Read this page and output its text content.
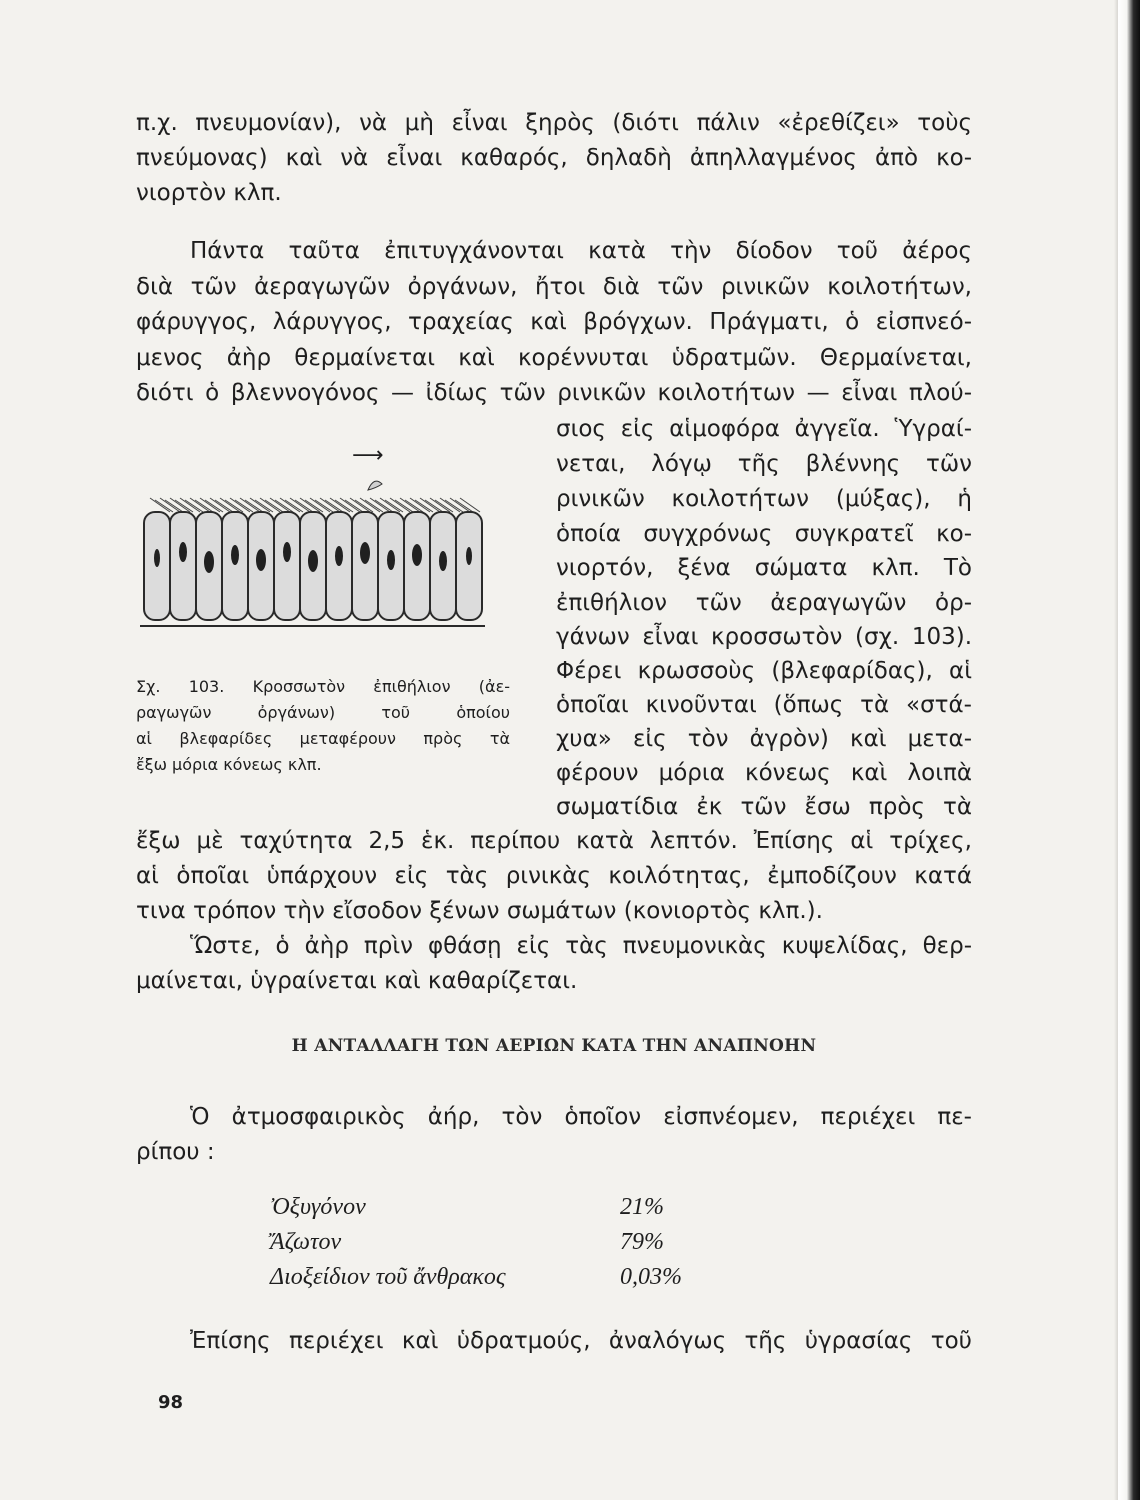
π.χ. πνευμονίαν), νὰ μὴ εἶναι ξηρὸς (διότι πάλιν «ἐρεθίζει» τοὺς
πνεύμονας) καὶ νὰ εἶναι καθαρός, δηλαδὴ ἀπηλλαγμένος ἀπὸ κο-
νιορτὸν κλπ.
Πάντα ταῦτα ἐπιτυγχάνονται κατὰ τὴν δίοδον τοῦ ἀέρος
διὰ τῶν ἀεραγωγῶν ὀργάνων, ἤτοι διὰ τῶν ρινικῶν κοιλοτήτων,
φάρυγγος, λάρυγγος, τραχείας καὶ βρόγχων. Πράγματι, ὁ εἰσπνεό-
μενος ἀὴρ θερμαίνεται καὶ κορέννυται ὑδρατμῶν. Θερμαίνεται,
διότι ὁ βλεννογόνος — ἰδίως τῶν ρινικῶν κοιλοτήτων — εἶναι πλού-
σιος εἰς αἱμοφόρα ἀγγεῖα. Ὑγραί-
νεται, λόγῳ τῆς βλέννης τῶν
ρινικῶν κοιλοτήτων (μύξας), ἡ
ὁποία συγχρόνως συγκρατεῖ κο-
νιορτόν, ξένα σώματα κλπ. Τὸ
ἐπιθήλιον τῶν ἀεραγωγῶν ὀρ-
γάνων εἶναι κροσσωτὸν (σχ. 103).
Φέρει κρωσσοὺς (βλεφαρίδας), αἱ
ὁποῖαι κινοῦνται (ὅπως τὰ «στά-
χυα» εἰς τὸν ἀγρὸν) καὶ μετα-
φέρουν μόρια κόνεως καὶ λοιπὰ
σωματίδια ἐκ τῶν ἔσω πρὸς τὰ
⟶
Σχ. 103. Κροσσωτὸν ἐπιθήλιον (ἀε-
ραγωγῶν ὀργάνων) τοῦ ὁποίου
αἱ βλεφαρίδες μεταφέρουν πρὸς τὰ
ἔξω μόρια κόνεως κλπ.
ἔξω μὲ ταχύτητα 2,5 ἑκ. περίπου κατὰ λεπτόν. Ἐπίσης αἱ τρίχες,
αἱ ὁποῖαι ὑπάρχουν εἰς τὰς ρινικὰς κοιλότητας, ἐμποδίζουν κατά
τινα τρόπον τὴν εἴσοδον ξένων σωμάτων (κονιορτὸς κλπ.).
Ὥστε, ὁ ἀὴρ πρὶν φθάσῃ εἰς τὰς πνευμονικὰς κυψελίδας, θερ-
μαίνεται, ὑγραίνεται καὶ καθαρίζεται.
Η ΑΝΤΑΛΛΑΓΗ ΤΩΝ ΑΕΡΙΩΝ ΚΑΤΑ ΤΗΝ ΑΝΑΠΝΟΗΝ
Ὁ ἀτμοσφαιρικὸς ἀήρ, τὸν ὁποῖον εἰσπνέομεν, περιέχει πε-
ρίπου :
Ὀξυγόνον	21%
Ἄζωτον	79%
Διοξείδιον τοῦ ἄνθρακος	0,03%
Ἐπίσης περιέχει καὶ ὑδρατμούς, ἀναλόγως τῆς ὑγρασίας τοῦ
98
